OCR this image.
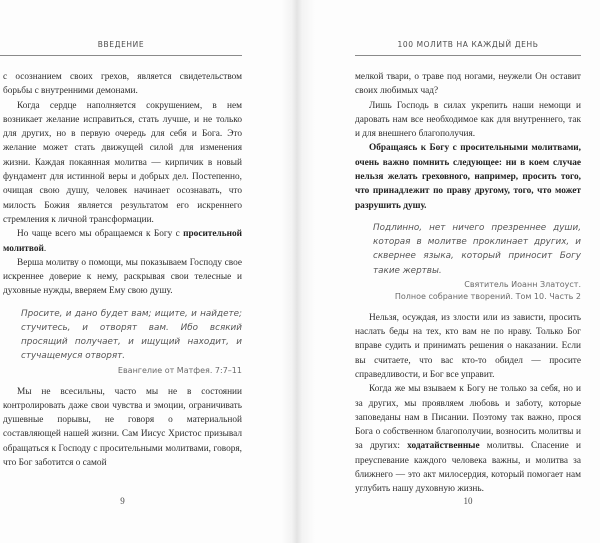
ВВЕДЕНИЕ

с осознанием своих грехов, является свидетельством борьбы с внутренними демонами.

Когда сердце наполняется сокрушением, в нем возникает желание исправиться, стать лучше, и не только для других, но в первую очередь для себя и Бога. Это желание может стать движущей силой для изменения жизни. Каждая покаянная молитва — кирпичик в новый фундамент для истинной веры и добрых дел. Постепенно, очищая свою душу, человек начинает осознавать, что милость Божия является результатом его искреннего стремления к личной трансформации.

Но чаще всего мы обращаемся к Богу с просительной молитвой.

Верша молитву о помощи, мы показываем Господу свое искреннее доверие к нему, раскрывая свои телесные и духовные нужды, вверяем Ему свою душу.

Просите, и дано будет вам; ищите, и найдете; стучитесь, и отворят вам. Ибо всякий просящий получает, и ищущий находит, и стучащемуся отворят.

Евангелие от Матфея. 7:7–11

Мы не всесильны, часто мы не в состоянии контролировать даже свои чувства и эмоции, ограничивать душевные порывы, не говоря о материальной составляющей нашей жизни. Сам Иисус Христос призывал обращаться к Господу с просительными молитвами, говоря, что Бог заботится о самой

9
100 МОЛИТВ НА КАЖДЫЙ ДЕНЬ

мелкой твари, о траве под ногами, неужели Он оставит своих любимых чад?

Лишь Господь в силах укрепить наши немощи и даровать нам все необходимое как для внутреннего, так и для внешнего благополучия.

Обращаясь к Богу с просительными молитвами, очень важно помнить следующее: ни в коем случае нельзя желать греховного, например, просить того, что принадлежит по праву другому, того, что может разрушить душу.

Подлинно, нет ничего презреннее души, которая в молитве проклинает других, и сквернее языка, который приносит Богу такие жертвы.

Святитель Иоанн Златоуст.
Полное собрание творений. Том 10. Часть 2

Нельзя, осуждая, из злости или из зависти, просить наслать беды на тех, кто вам не по нраву. Только Бог вправе судить и принимать решения о наказании. Если вы считаете, что вас кто-то обидел — просите справедливости, и Бог все управит.

Когда же мы взываем к Богу не только за себя, но и за других, мы проявляем любовь и заботу, которые заповеданы нам в Писании. Поэтому так важно, прося Бога о собственном благополучии, возносить молитвы и за других: ходатайственные молитвы. Спасение и преуспевание каждого человека важны, и молитва за ближнего — это акт милосердия, который помогает нам углубить нашу духовную жизнь.

10
